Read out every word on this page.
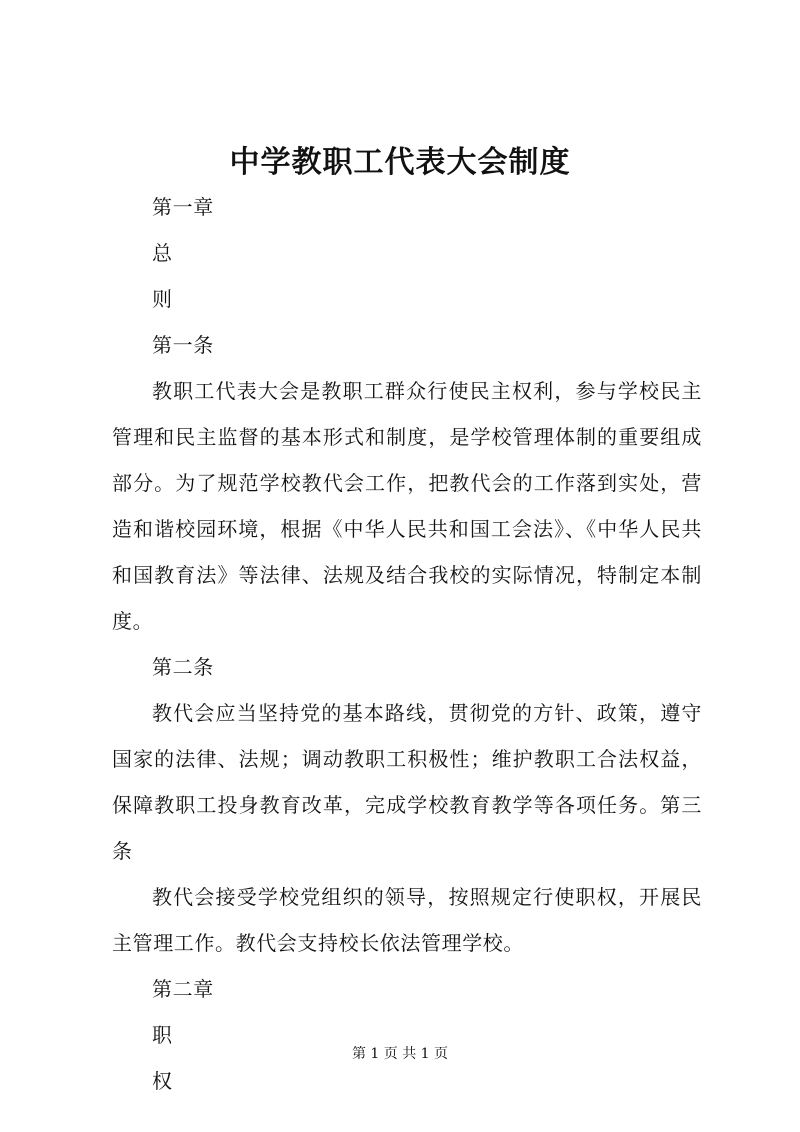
中学教职工代表大会制度

第一章

总

则

第一条

教职工代表大会是教职工群众行使民主权利，参与学校民主管理和民主监督的基本形式和制度，是学校管理体制的重要组成部分。为了规范学校教代会工作，把教代会的工作落到实处，营造和谐校园环境，根据《中华人民共和国工会法》、《中华人民共和国教育法》等法律、法规及结合我校的实际情况，特制定本制度。

第二条

教代会应当坚持党的基本路线，贯彻党的方针、政策，遵守国家的法律、法规；调动教职工积极性；维护教职工合法权益，保障教职工投身教育改革，完成学校教育教学等各项任务。第三条

教代会接受学校党组织的领导，按照规定行使职权，开展民主管理工作。教代会支持校长依法管理学校。

第二章

职

权

第 1 页 共 1 页
